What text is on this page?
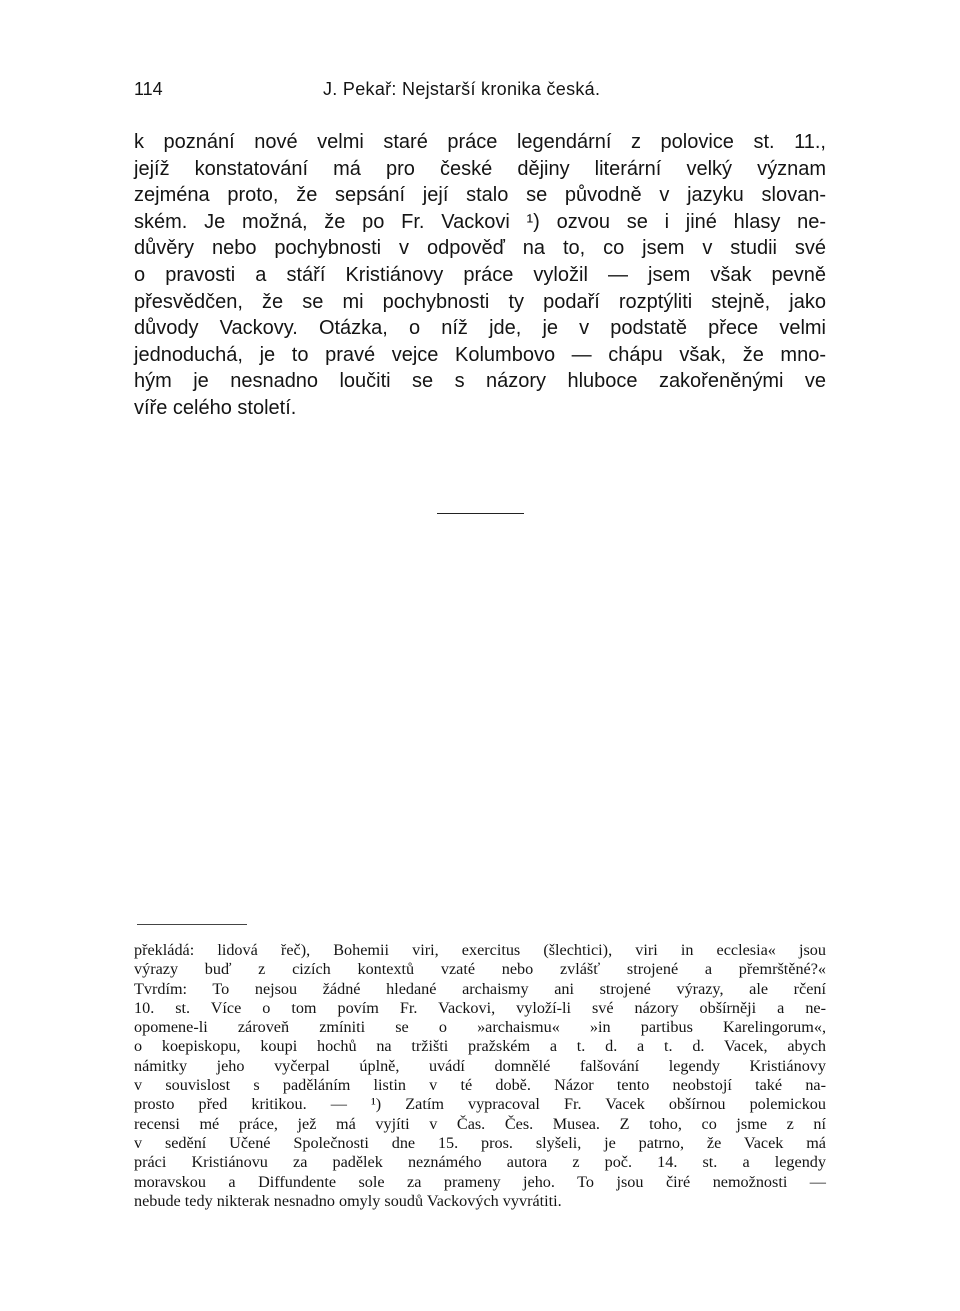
114	J. Pekař: Nejstarší kronika česká.
k poznání nové velmi staré práce legendární z polovice st. 11.,
jejíž konstatování má pro české dějiny literární velký význam
zejména proto, že sepsání její stalo se původně v jazyku slovan-
ském. Je možná, že po Fr. Vackovi ¹) ozvou se i jiné hlasy ne-
důvěry nebo pochybnosti v odpověď na to, co jsem v studii své
o pravosti a stáří Kristiánovy práce vyložil — jsem však pevně
přesvědčen, že se mi pochybnosti ty podaří rozptýliti stejně, jako
důvody Vackovy. Otázka, o níž jde, je v podstatě přece velmi
jednoduchá, je to pravé vejce Kolumbovo — chápu však, že mno-
hým je nesnadno loučiti se s názory hluboce zakořeněnými ve
víře celého století.
překládá: lidová řeč), Bohemii viri, exercitus (šlechtici), viri in ecclesia« jsou
výrazy buď z cizích kontextů vzaté nebo zvlášť strojené a přemrštěné?«
Tvrdím: To nejsou žádné hledané archaismy ani strojené výrazy, ale rčení
10. st. Více o tom povím Fr. Vackovi, vyloží-li své názory obšírněji a ne-
opomene-li zároveň zmíniti se o »archaismu« »in partibus Karelingorum«,
o koepiskopu, koupi hochů na tržišti pražském a t. d. a t. d. Vacek, abych
námitky jeho vyčerpal úplně, uvádí domnělé falšování legendy Kristiánovy
v souvislost s paděláním listin v té době. Názor tento neobstojí také na-
prosto před kritikou. — ¹) Zatím vypracoval Fr. Vacek obšírnou polemickou
recensi mé práce, jež má vyjíti v Čas. Čes. Musea. Z toho, co jsme z ní
v sedění Učené Společnosti dne 15. pros. slyšeli, je patrno, že Vacek má
práci Kristiánovu za padělek neznámého autora z poč. 14. st. a legendy
moravskou a Diffundente sole za prameny jeho. To jsou čiré nemožnosti —
nebude tedy nikterak nesnadno omyly soudů Vackových vyvrátiti.
